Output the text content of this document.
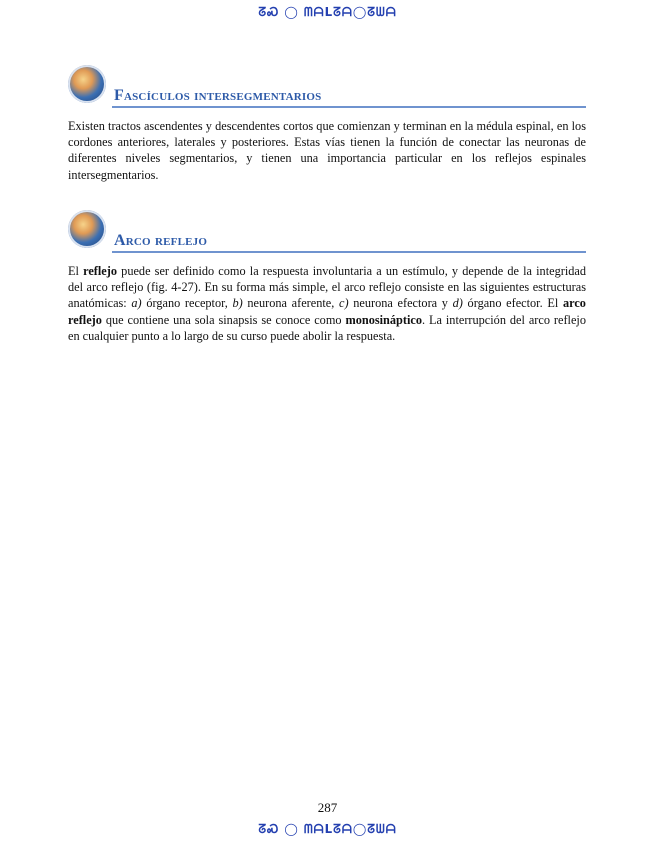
ᘔᏍ ◯ ᗰᗩᒪᘔᗩ◯ᘔᗯᗩ
Fascículos intersegmentarios

Existen tractos ascendentes y descendentes cortos que comienzan y terminan en la médula espinal, en los cordones anteriores, laterales y posteriores. Estas vías tienen la función de conectar las neuronas de diferentes niveles segmentarios, y tienen una importancia particular en los reflejos espinales intersegmentarios.

Arco reflejo

El reflejo puede ser definido como la respuesta involuntaria a un estímulo, y depende de la integridad del arco reflejo (fig. 4-27). En su forma más simple, el arco reflejo consiste en las siguientes estructuras anatómicas: a) órgano receptor, b) neurona aferente, c) neurona efectora y d) órgano efector. El arco reflejo que contiene una sola sinapsis se conoce como monosináptico. La interrupción del arco reflejo en cualquier punto a lo largo de su curso puede abolir la respuesta.

287
ᘔᏍ ◯ ᗰᗩᒪᘔᗩ◯ᘔᗯᗩ
